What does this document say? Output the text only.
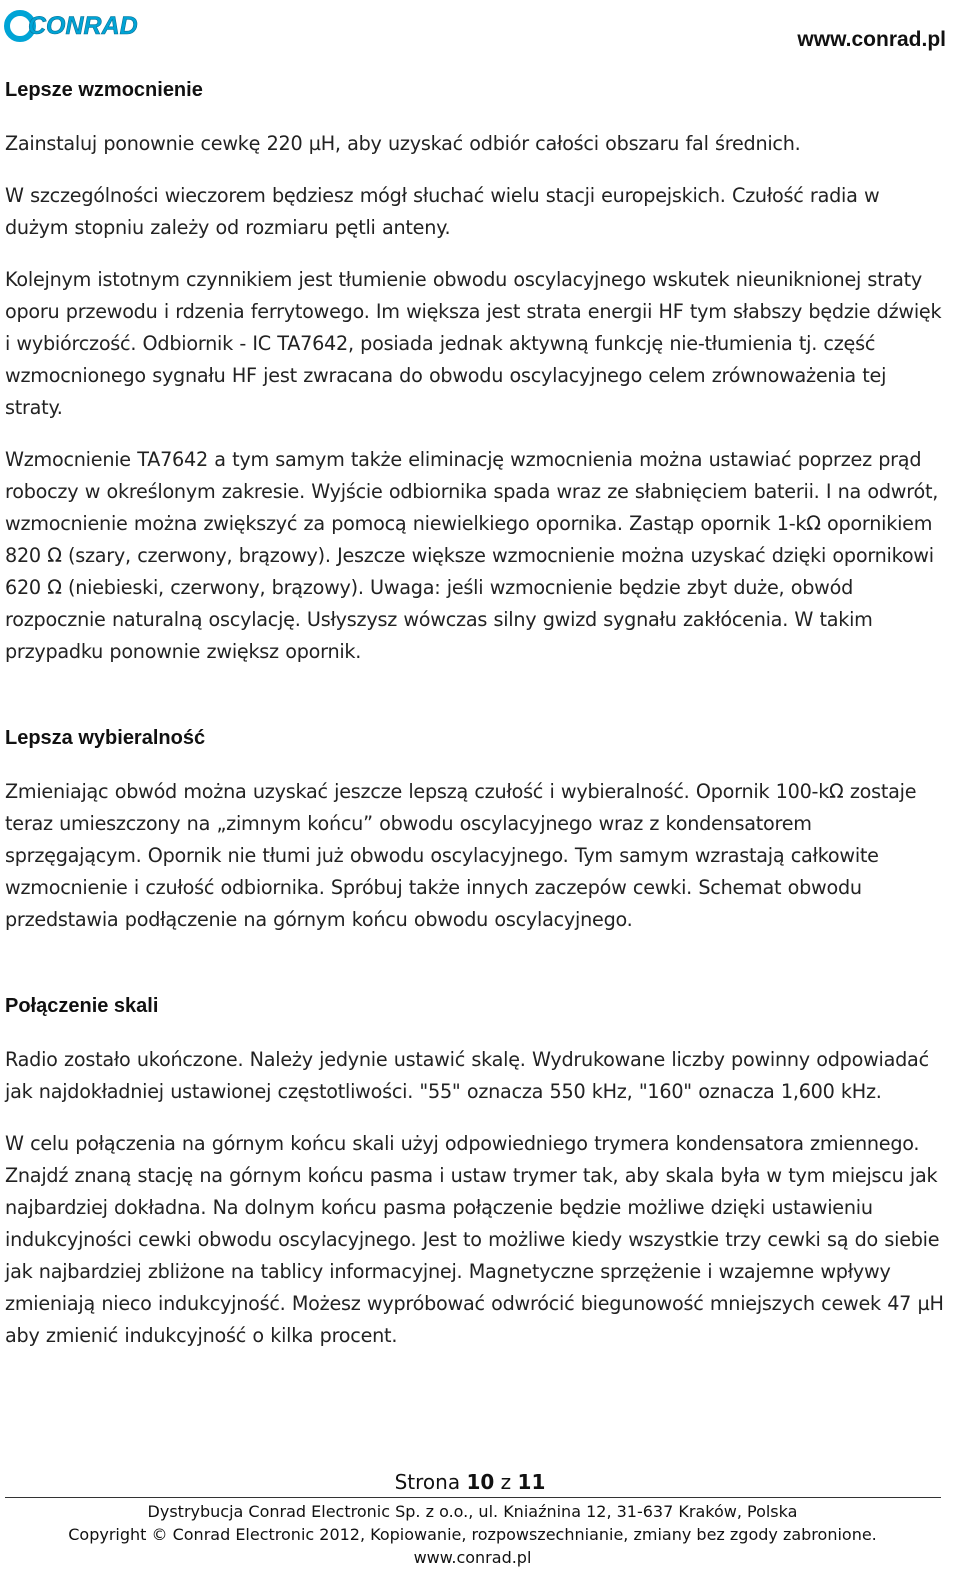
CONRAD	www.conrad.pl
Lepsze wzmocnienie

Zainstaluj ponownie cewkę 220 µH, aby uzyskać odbiór całości obszaru fal średnich.

W szczególności wieczorem będziesz mógł słuchać wielu stacji europejskich. Czułość radia w dużym stopniu zależy od rozmiaru pętli anteny.

Kolejnym istotnym czynnikiem jest tłumienie obwodu oscylacyjnego wskutek nieuniknionej straty oporu przewodu i rdzenia ferrytowego. Im większa jest strata energii HF tym słabszy będzie dźwięk i wybiórczość. Odbiornik - IC TA7642, posiada jednak aktywną funkcję nie-tłumienia tj. część wzmocnionego sygnału HF jest zwracana do obwodu oscylacyjnego celem zrównoważenia tej straty.

Wzmocnienie TA7642 a tym samym także eliminację wzmocnienia można ustawiać poprzez prąd roboczy w określonym zakresie. Wyjście odbiornika spada wraz ze słabnięciem baterii. I na odwrót, wzmocnienie można zwiększyć za pomocą niewielkiego opornika. Zastąp opornik 1-kΩ opornikiem 820 Ω (szary, czerwony, brązowy). Jeszcze większe wzmocnienie można uzyskać dzięki opornikowi 620 Ω (niebieski, czerwony, brązowy). Uwaga: jeśli wzmocnienie będzie zbyt duże, obwód rozpocznie naturalną oscylację. Usłyszysz wówczas silny gwizd sygnału zakłócenia. W takim przypadku ponownie zwiększ opornik.

Lepsza wybieralność

Zmieniając obwód można uzyskać jeszcze lepszą czułość i wybieralność. Opornik 100-kΩ zostaje teraz umieszczony na „zimnym końcu” obwodu oscylacyjnego wraz z kondensatorem sprzęgającym. Opornik nie tłumi już obwodu oscylacyjnego. Tym samym wzrastają całkowite wzmocnienie i czułość odbiornika. Spróbuj także innych zaczepów cewki. Schemat obwodu przedstawia podłączenie na górnym końcu obwodu oscylacyjnego.

Połączenie skali

Radio zostało ukończone. Należy jedynie ustawić skalę. Wydrukowane liczby powinny odpowiadać jak najdokładniej ustawionej częstotliwości. "55" oznacza 550 kHz, "160" oznacza 1,600 kHz.

W celu połączenia na górnym końcu skali użyj odpowiedniego trymera kondensatora zmiennego. Znajdź znaną stację na górnym końcu pasma i ustaw trymer tak, aby skala była w tym miejscu jak najbardziej dokładna. Na dolnym końcu pasma połączenie będzie możliwe dzięki ustawieniu indukcyjności cewki obwodu oscylacyjnego. Jest to możliwe kiedy wszystkie trzy cewki są do siebie jak najbardziej zbliżone na tablicy informacyjnej. Magnetyczne sprzężenie i wzajemne wpływy zmieniają nieco indukcyjność. Możesz wypróbować odwrócić biegunowość mniejszych cewek 47 µH aby zmienić indukcyjność o kilka procent.

Strona 10 z 11
Dystrybucja Conrad Electronic Sp. z o.o., ul. Kniaźnina 12, 31-637 Kraków, Polska
Copyright © Conrad Electronic 2012, Kopiowanie, rozpowszechnianie, zmiany bez zgody zabronione.
www.conrad.pl
